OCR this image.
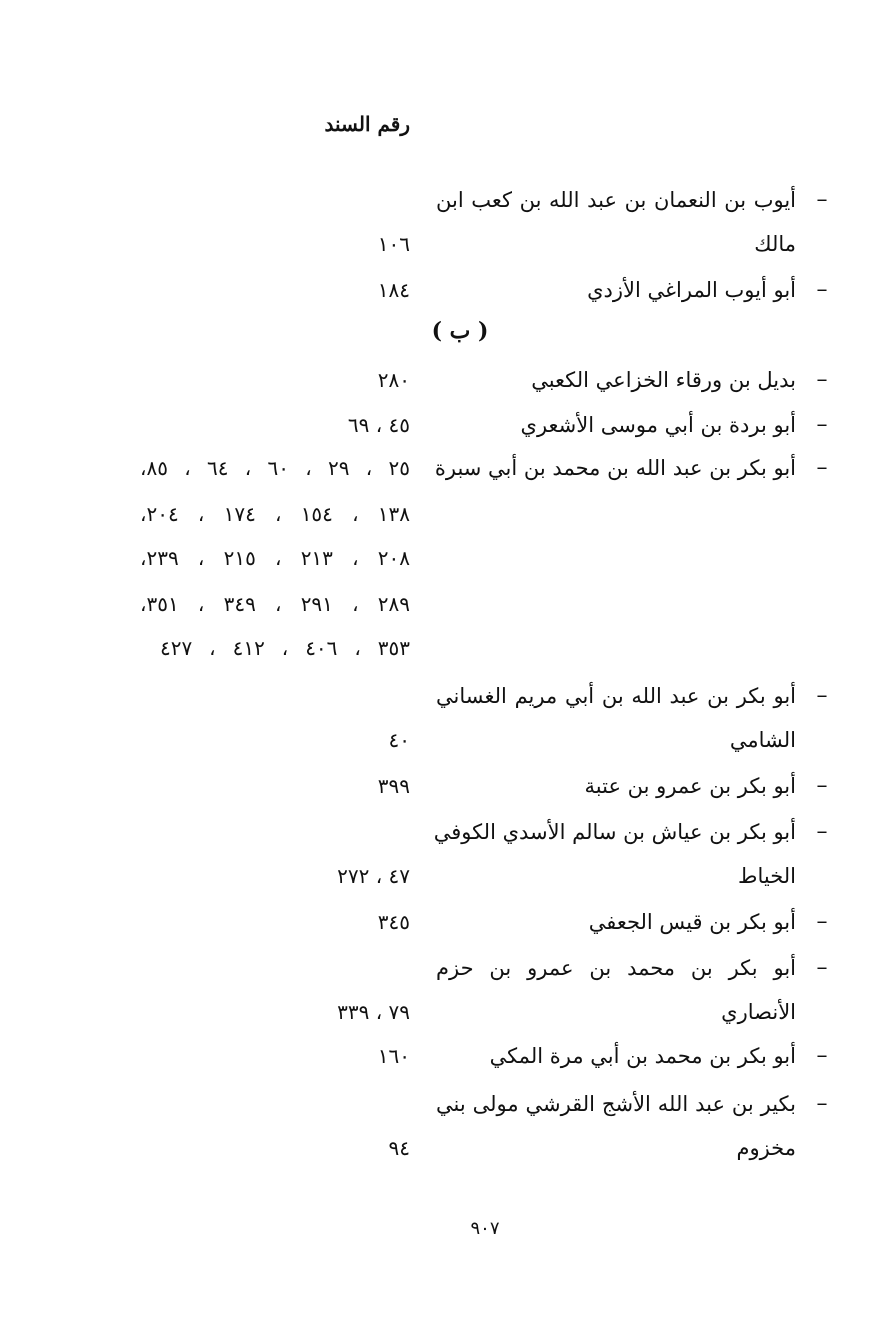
رقم السند
–
أيوب بن النعمان بن عبد الله بن كعب ابن
مالك
١٠٦
–
أبو أيوب المراغي الأزدي
١٨٤
( ب )
–
بديل بن ورقاء الخزاعي الكعبي
٢٨٠
–
أبو بردة بن أبي موسى الأشعري
٤٥ ، ٦٩
–
أبو بكر بن عبد الله بن محمد بن أبي سبرة
٢٥ ، ٢٩ ، ٦٠ ، ٦٤ ، ٨٥،
١٣٨ ، ١٥٤ ، ١٧٤ ، ٢٠٤،
٢٠٨ ، ٢١٣ ، ٢١٥ ، ٢٣٩،
٢٨٩ ، ٢٩١ ، ٣٤٩ ، ٣٥١،
٣٥٣ ، ٤٠٦ ، ٤١٢ ، ٤٢٧
–
أبو بكر بن عبد الله بن أبي مريم الغساني
الشامي
٤٠
–
أبو بكر بن عمرو بن عتبة
٣٩٩
–
أبو بكر بن عياش بن سالم الأسدي الكوفي
الخياط
٤٧ ، ٢٧٢
–
أبو بكر بن قيس الجعفي
٣٤٥
–
أبو بكر بن محمد بن عمرو بن حزم
الأنصاري
٧٩ ، ٣٣٩
–
أبو بكر بن محمد بن أبي مرة المكي
١٦٠
–
بكير بن عبد الله الأشج القرشي مولى بني
مخزوم
٩٤
٩٠٧
